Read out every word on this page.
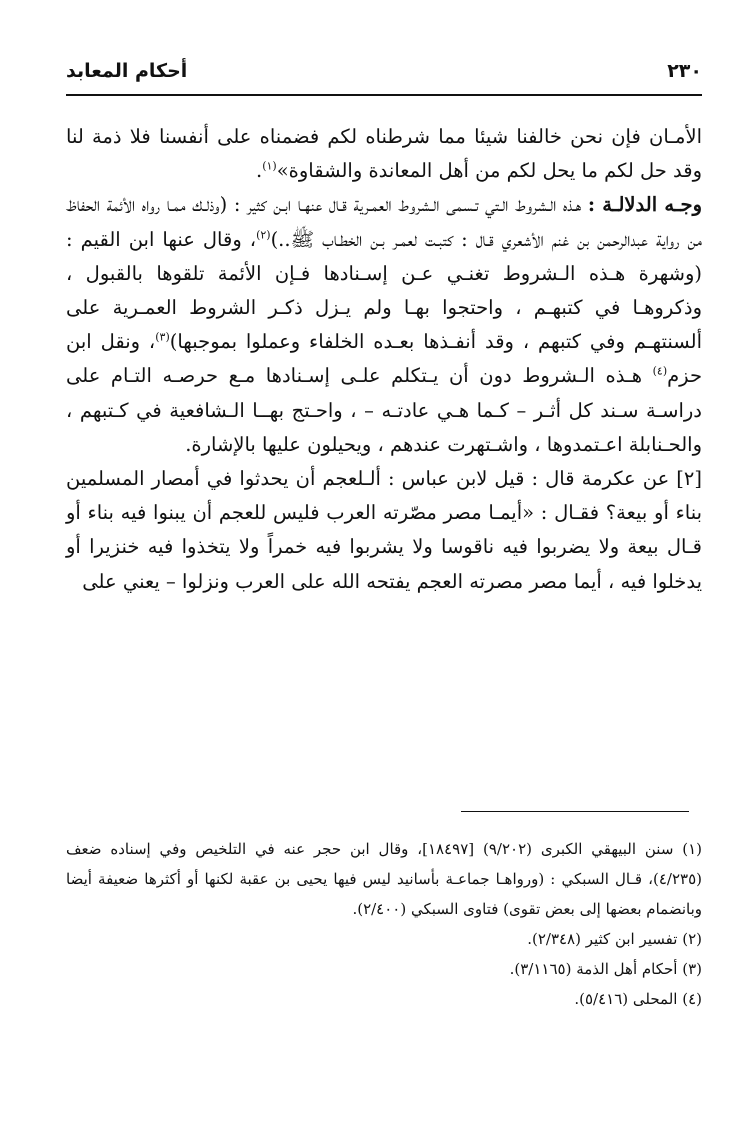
٢٣٠
أحكام المعابد

الأمـان فإن نحن خالفنا شيئا مما شرطناه لكم فضمناه على أنفسنا فلا ذمة لنا وقد حل لكم ما يحل لكم من أهل المعاندة والشقاوة»$^{(١)}$.

وجـه الدلالـة : هـذه الـشروط الـتي تـسمى الـشروط العمـرية قـال عنهـا ابـن كثير : (وذلـك ممـا رواه الأئمة الحفاظ من رواية عبدالرحمن بن غنم الأشعري قـال : كتبـت لعمـر بـن الخطـاب ﷺ..)$^{(٢)}$، وقال عنها ابن القيم : (وشهرة هـذه الـشروط تغنـي عـن إسـنادها فـإن الأئمة تلقوها بالقبول ، وذكروهـا في كتبهـم ، واحتجوا بهـا ولم يـزل ذكـر الشروط العمـرية على ألسنتهـم وفي كتبهم ، وقد أنفـذها بعـده الخلفاء وعملوا بموجبها)$^{(٣)}$، ونقل ابن حزم$^{(٤)}$ هـذه الـشروط دون أن يـتكلم علـى إسـنادها مـع حرصـه التـام على دراسـة سـند كل أثـر – كـما هـي عادتـه – ، واحـتج بهــا الـشافعية في كـتبهم ، والحـنابلة اعـتمدوها ، واشـتهرت عندهم ، ويحيلون عليها بالإشارة.

[٢] عن عكرمة قال : قيل لابن عباس : ألـلعجم أن يحدثوا في أمصار المسلمين بناء أو بيعة؟ فقـال : «أيمـا مصر مصّرته العرب فليس للعجم أن يبنوا فيه بناء أو قـال بيعة ولا يضربوا فيه ناقوسا ولا يشربوا فيه خمراً ولا يتخذوا فيه خنزيرا أو يدخلوا فيه ، أيما مصر مصرته العجم يفتحه الله على العرب ونزلوا – يعني على

(١) سنن البيهقي الكبرى (٩/٢٠٢) [١٨٤٩٧]، وقال ابن حجر عنه في التلخيص وفي إسناده ضعف (٤/٢٣٥)، قـال السبكي : (ورواهـا جماعـة بأسانيد ليس فيها يحيى بن عقبة لكنها أو أكثرها ضعيفة أيضا وبانضمام بعضها إلى بعض تقوى) فتاوى السبكي (٢/٤٠٠).

(٢) تفسير ابن كثير (٢/٣٤٨).

(٣) أحكام أهل الذمة (٣/١١٦٥).

(٤) المحلى (٥/٤١٦).
